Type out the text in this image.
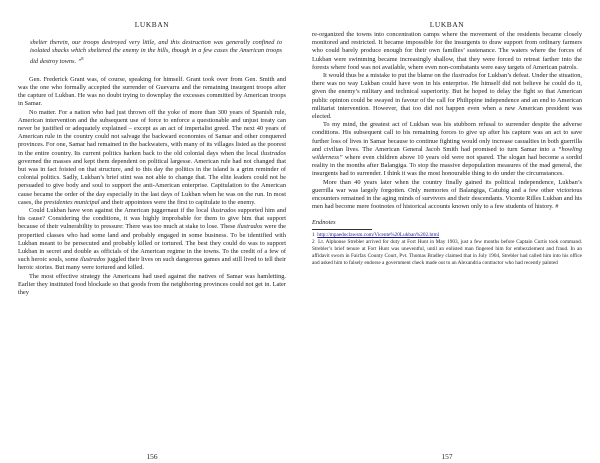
LUKBAN

shelter therein, our troops destroyed very little, and this destruction was generally confined to isolated shacks which sheltered the enemy in the hills, though in a few cases the American troops did destroy towns. ”$^8$

Gen. Frederick Grant was, of course, speaking for himself. Grant took over from Gen. Smith and was the one who formally accepted the surrender of Guevarra and the remaining insurgent troops after the capture of Lukban. He was no doubt trying to downplay the excesses committed by American troops in Samar.

No matter. For a nation who had just thrown off the yoke of more than 300 years of Spanish rule, American intervention and the subsequent use of force to enforce a questionable and unjust treaty can never be justified or adequately explained – except as an act of imperialist greed. The next 40 years of American rule in the country could not salvage the backward economies of Samar and other conquered provinces. For one, Samar had remained in the backwaters, with many of its villages listed as the poorest in the entire country. Its current politics harken back to the old colonial days when the local ilustrados governed the masses and kept them dependent on political largesse. American rule had not changed that but was in fact foisted on that structure, and to this day the politics in the island is a grim reminder of colonial politics. Sadly, Lukban’s brief stint was not able to change that. The elite leaders could not be persuaded to give body and soul to support the anti-American enterprise. Capitulation to the American cause became the order of the day especially in the last days of Lukban when he was on the run. In most cases, the presidentes municipal and their appointees were the first to capitulate to the enemy.

Could Lukban have won against the American juggernaut if the local ilustrados supported him and his cause? Considering the conditions, it was highly improbable for them to give him that support because of their vulnerability to pressure: There was too much at stake to lose. These ilustrados were the propertied classes who had some land and probably engaged in some business. To be identified with Lukban meant to be persecuted and probably killed or tortured. The best they could do was to support Lukban in secret and double as officials of the American regime in the towns. To the credit of a few of such heroic souls, some ilustrados juggled their lives on such dangerous games and still lived to tell their heroic stories. But many were tortured and killed.

The most effective strategy the Americans had used against the natives of Samar was hamletting. Earlier they instituted food blockade so that goods from the neighboring provinces could not get in. Later they

156
LUKBAN

re-organized the towns into concentration camps where the movement of the residents became closely monitored and restricted. It became impossible for the insurgents to draw support from ordinary farmers who could barely produce enough for their own families’ sustenance. The waters where the forces of Lukban were swimming became increasingly shallow, that they were forced to retreat farther into the forests where food was not available, where even non-combatants were easy targets of American patrols.

It would thus be a mistake to put the blame on the ilustrados for Lukban’s defeat. Under the situation, there was no way Lukban could have won in his enterprise. He himself did not believe he could do it, given the enemy’s military and technical superiority. But he hoped to delay the fight so that American public opinion could be swayed in favour of the call for Philippine independence and an end to American militarist intervention. However, that too did not happen even when a new American president was elected.

To my mind, the greatest act of Lukban was his stubborn refusal to surrender despite the adverse conditions. His subsequent call to his remaining forces to give up after his capture was an act to save further loss of lives in Samar because to continue fighting would only increase casualties in both guerrilla and civilian lives. The American General Jacob Smith had promised to turn Samar into a “howling wilderness” where even children above 10 years old were not spared. The slogan had become a sordid reality in the months after Balangiga. To stop the massive depopulation measures of the mad general, the insurgents had to surrender. I think it was the most honourable thing to do under the circumstances.

More than 40 years later when the country finally gained its political independence, Lukban’s guerrilla war was largely forgotten. Only memories of Balangiga, Catubig and a few other victorious encounters remained in the aging minds of survivors and their descendants. Vicente Rilles Lukban and his men had become mere footnotes of historical accounts known only to a few students of history. #

Endnotes

1 http://mpaedoclawsm.com/Vicente%20Lukban%202.html

2 Lt. Alphonse Strebler arrived for duty at Fort Hunt in May 1903, just a few months before Captain Curtis took command. Strebler’s brief tenure at Fort Hunt was uneventful, until an enlisted man fingered him for embezzlement and fraud. In an affidavit sworn in Fairfax County Court, Pvt. Thomas Bradley claimed that in July 1904, Strebler had called him into his office and asked him to falsely endorse a government check made out to an Alexandria contractor who had recently painted

157
